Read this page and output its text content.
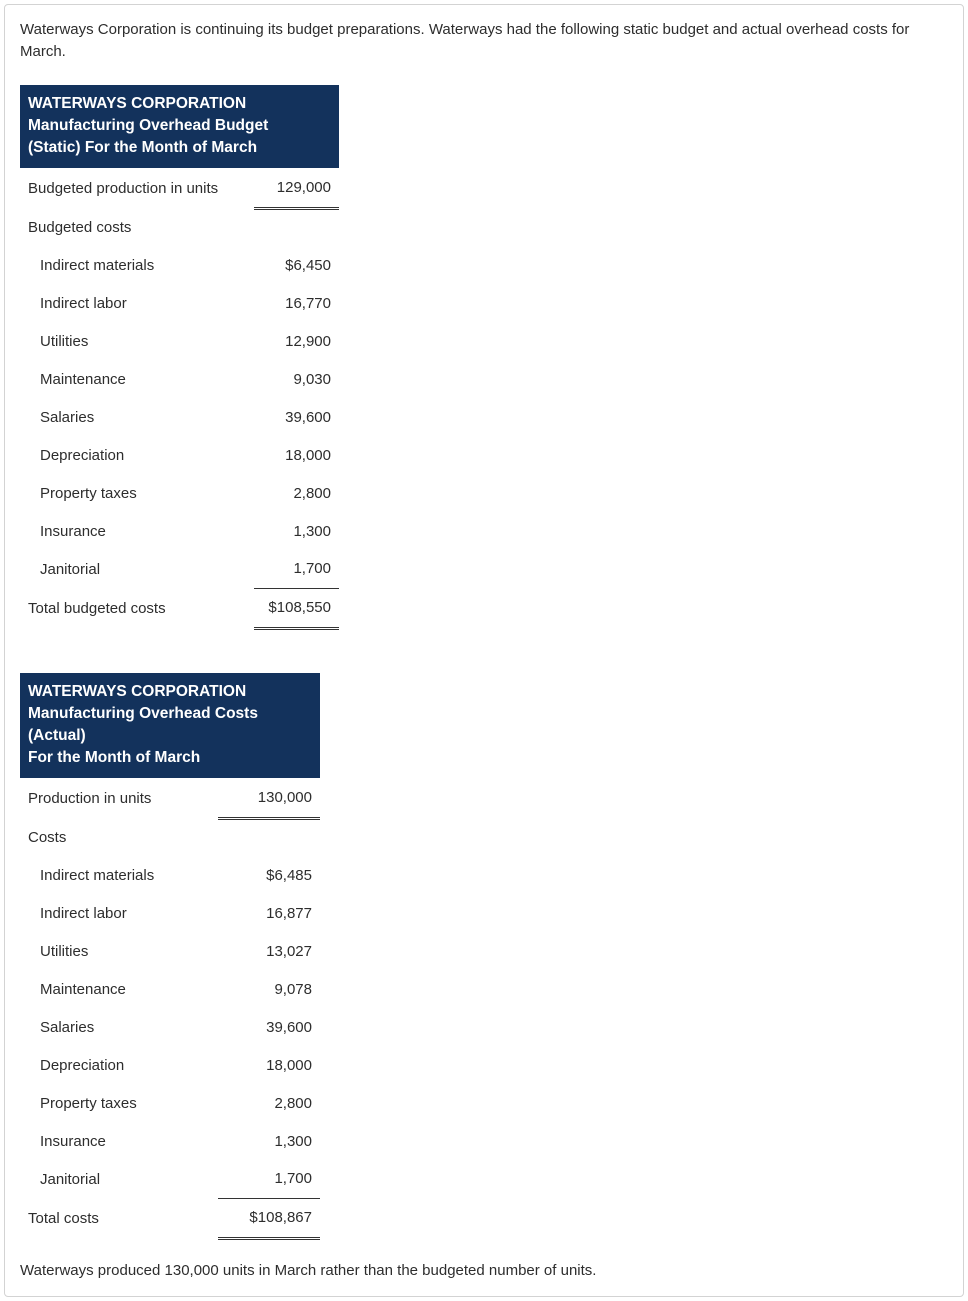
Waterways Corporation is continuing its budget preparations. Waterways had the following static budget and actual overhead costs for March.

WATERWAYS CORPORATION
Manufacturing Overhead Budget
(Static) For the Month of March	

Budgeted production in units	129,000
Budgeted costs	
Indirect materials	$6,450
Indirect labor	16,770
Utilities	12,900
Maintenance	9,030
Salaries	39,600
Depreciation	18,000
Property taxes	2,800
Insurance	1,300
Janitorial	1,700
Total budgeted costs	$108,550
WATERWAYS CORPORATION
Manufacturing Overhead Costs (Actual)
For the Month of March	

Production in units	130,000
Costs	
Indirect materials	$6,485
Indirect labor	16,877
Utilities	13,027
Maintenance	9,078
Salaries	39,600
Depreciation	18,000
Property taxes	2,800
Insurance	1,300
Janitorial	1,700
Total costs	$108,867

Waterways produced 130,000 units in March rather than the budgeted number of units.
